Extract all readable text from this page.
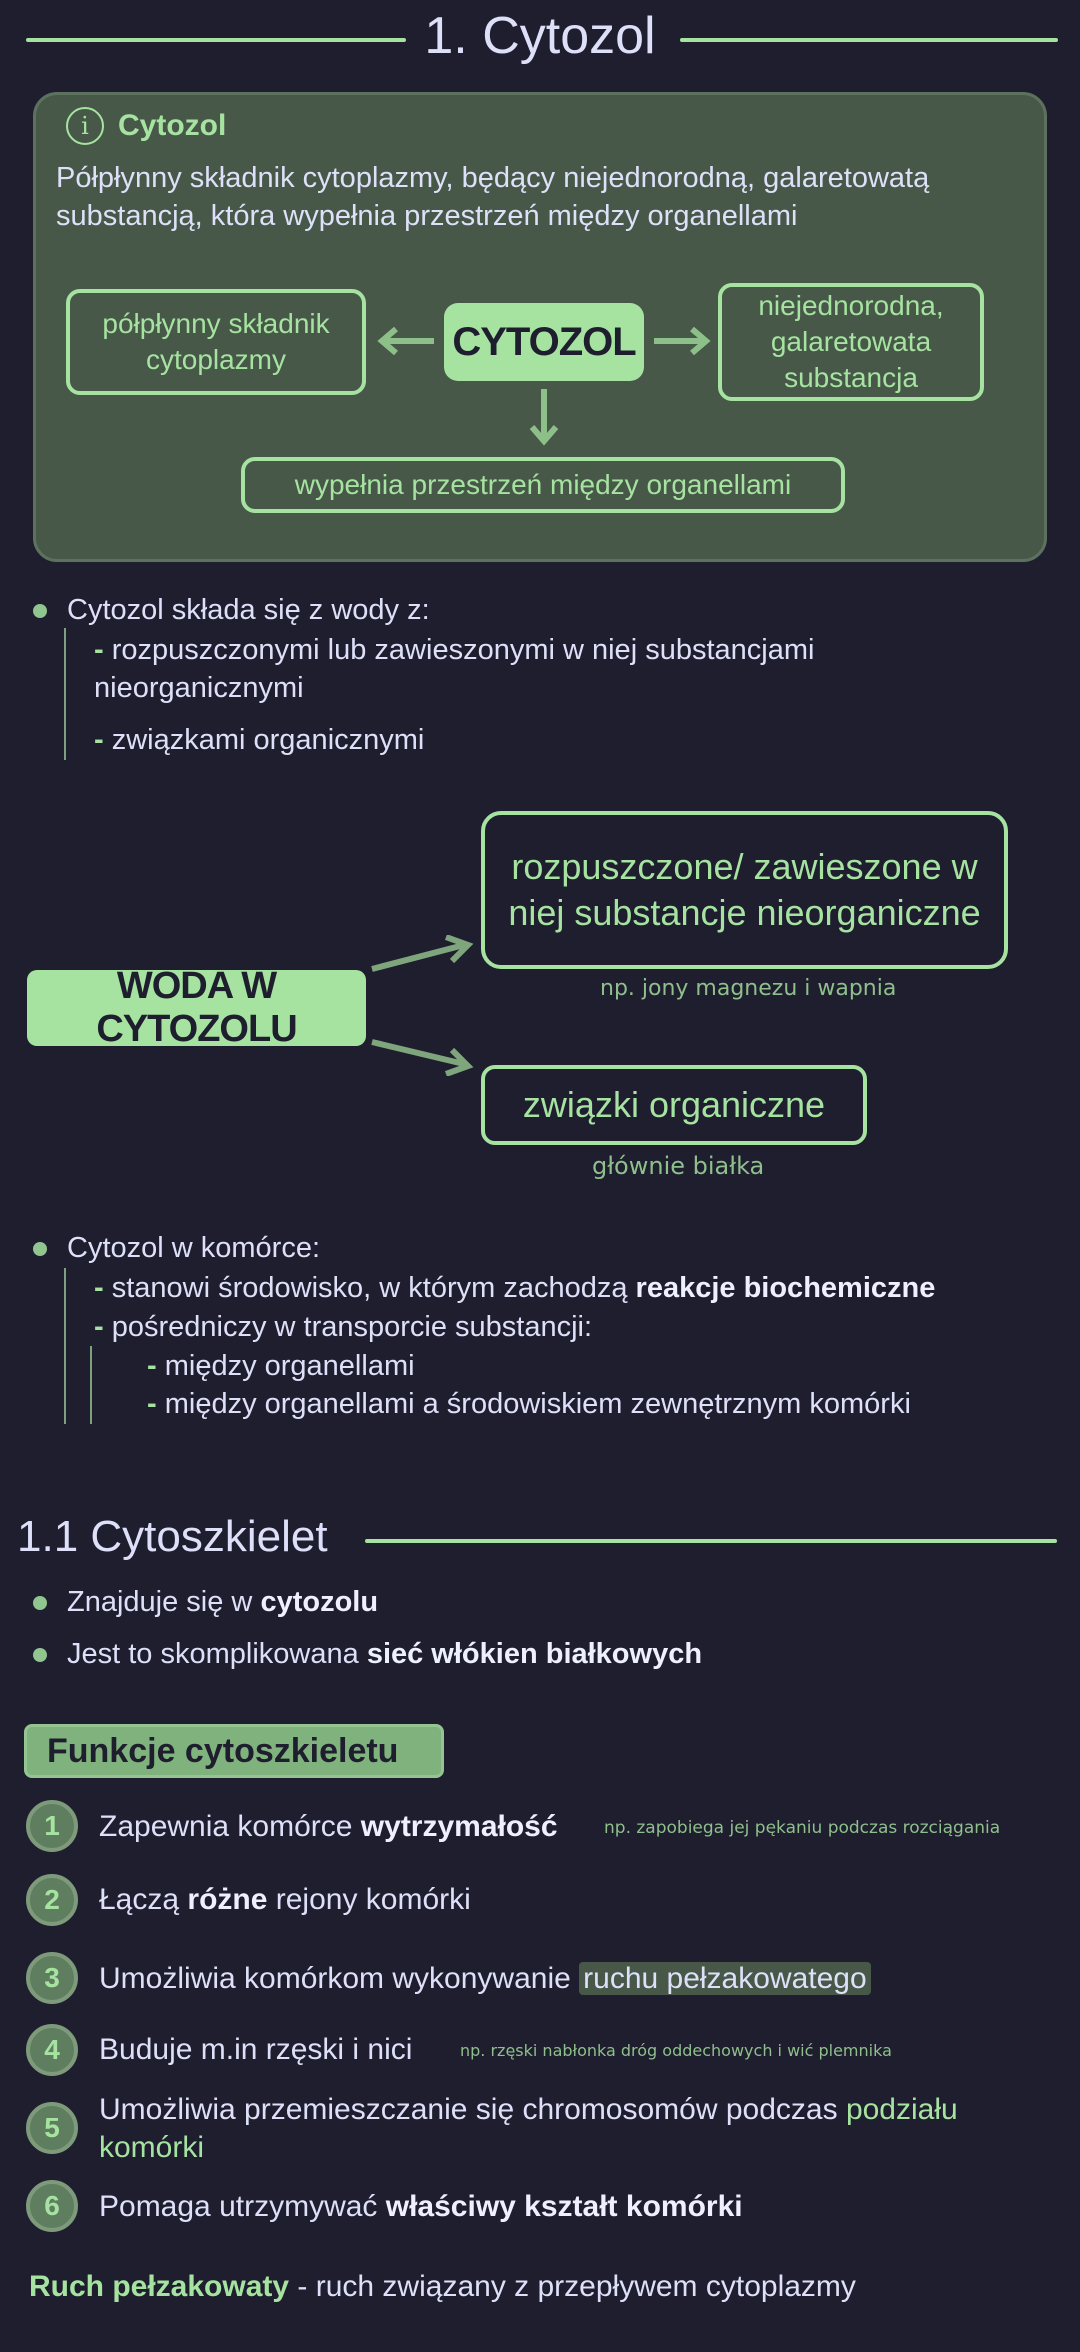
1. Cytozol
i Cytozol
Półpłynny składnik cytoplazmy, będący niejednorodną, galaretowatą substancją, która wypełnia przestrzeń między organellami
półpłynny składnik cytoplazmy	CYTOZOL
niejednorodna, galaretowata substancja
wypełnia przestrzeń między organellami
Cytozol składa się z wody z:
- rozpuszczonymi lub zawieszonymi w niej substancjami nieorganicznymi
- związkami organicznymi
WODA W CYTOZOLU
rozpuszczone/ zawieszone w niej substancje nieorganiczne
np. jony magnezu i wapnia
związki organiczne
głównie białka
Cytozol w komórce:
- stanowi środowisko, w którym zachodzą reakcje biochemiczne
- pośredniczy w transporcie substancji:
- między organellami
- między organellami a środowiskiem zewnętrznym komórki
1.1 Cytoszkielet
Znajduje się w cytozolu
Jest to skomplikowana sieć włókien białkowych
Funkcje cytoszkieletu
1	Zapewnia komórce wytrzymałość	np. zapobiega jej pękaniu podczas rozciągania
2	Łączą różne rejony komórki
3	Umożliwia komórkom wykonywanie ruchu pełzakowatego
4	Buduje m.in rzęski i nici	np. rzęski nabłonka dróg oddechowych i wić plemnika
5
Umożliwia przemieszczanie się chromosomów podczas podziału komórki
6	Pomaga utrzymywać właściwy kształt komórki
Ruch pełzakowaty - ruch związany z przepływem cytoplazmy
